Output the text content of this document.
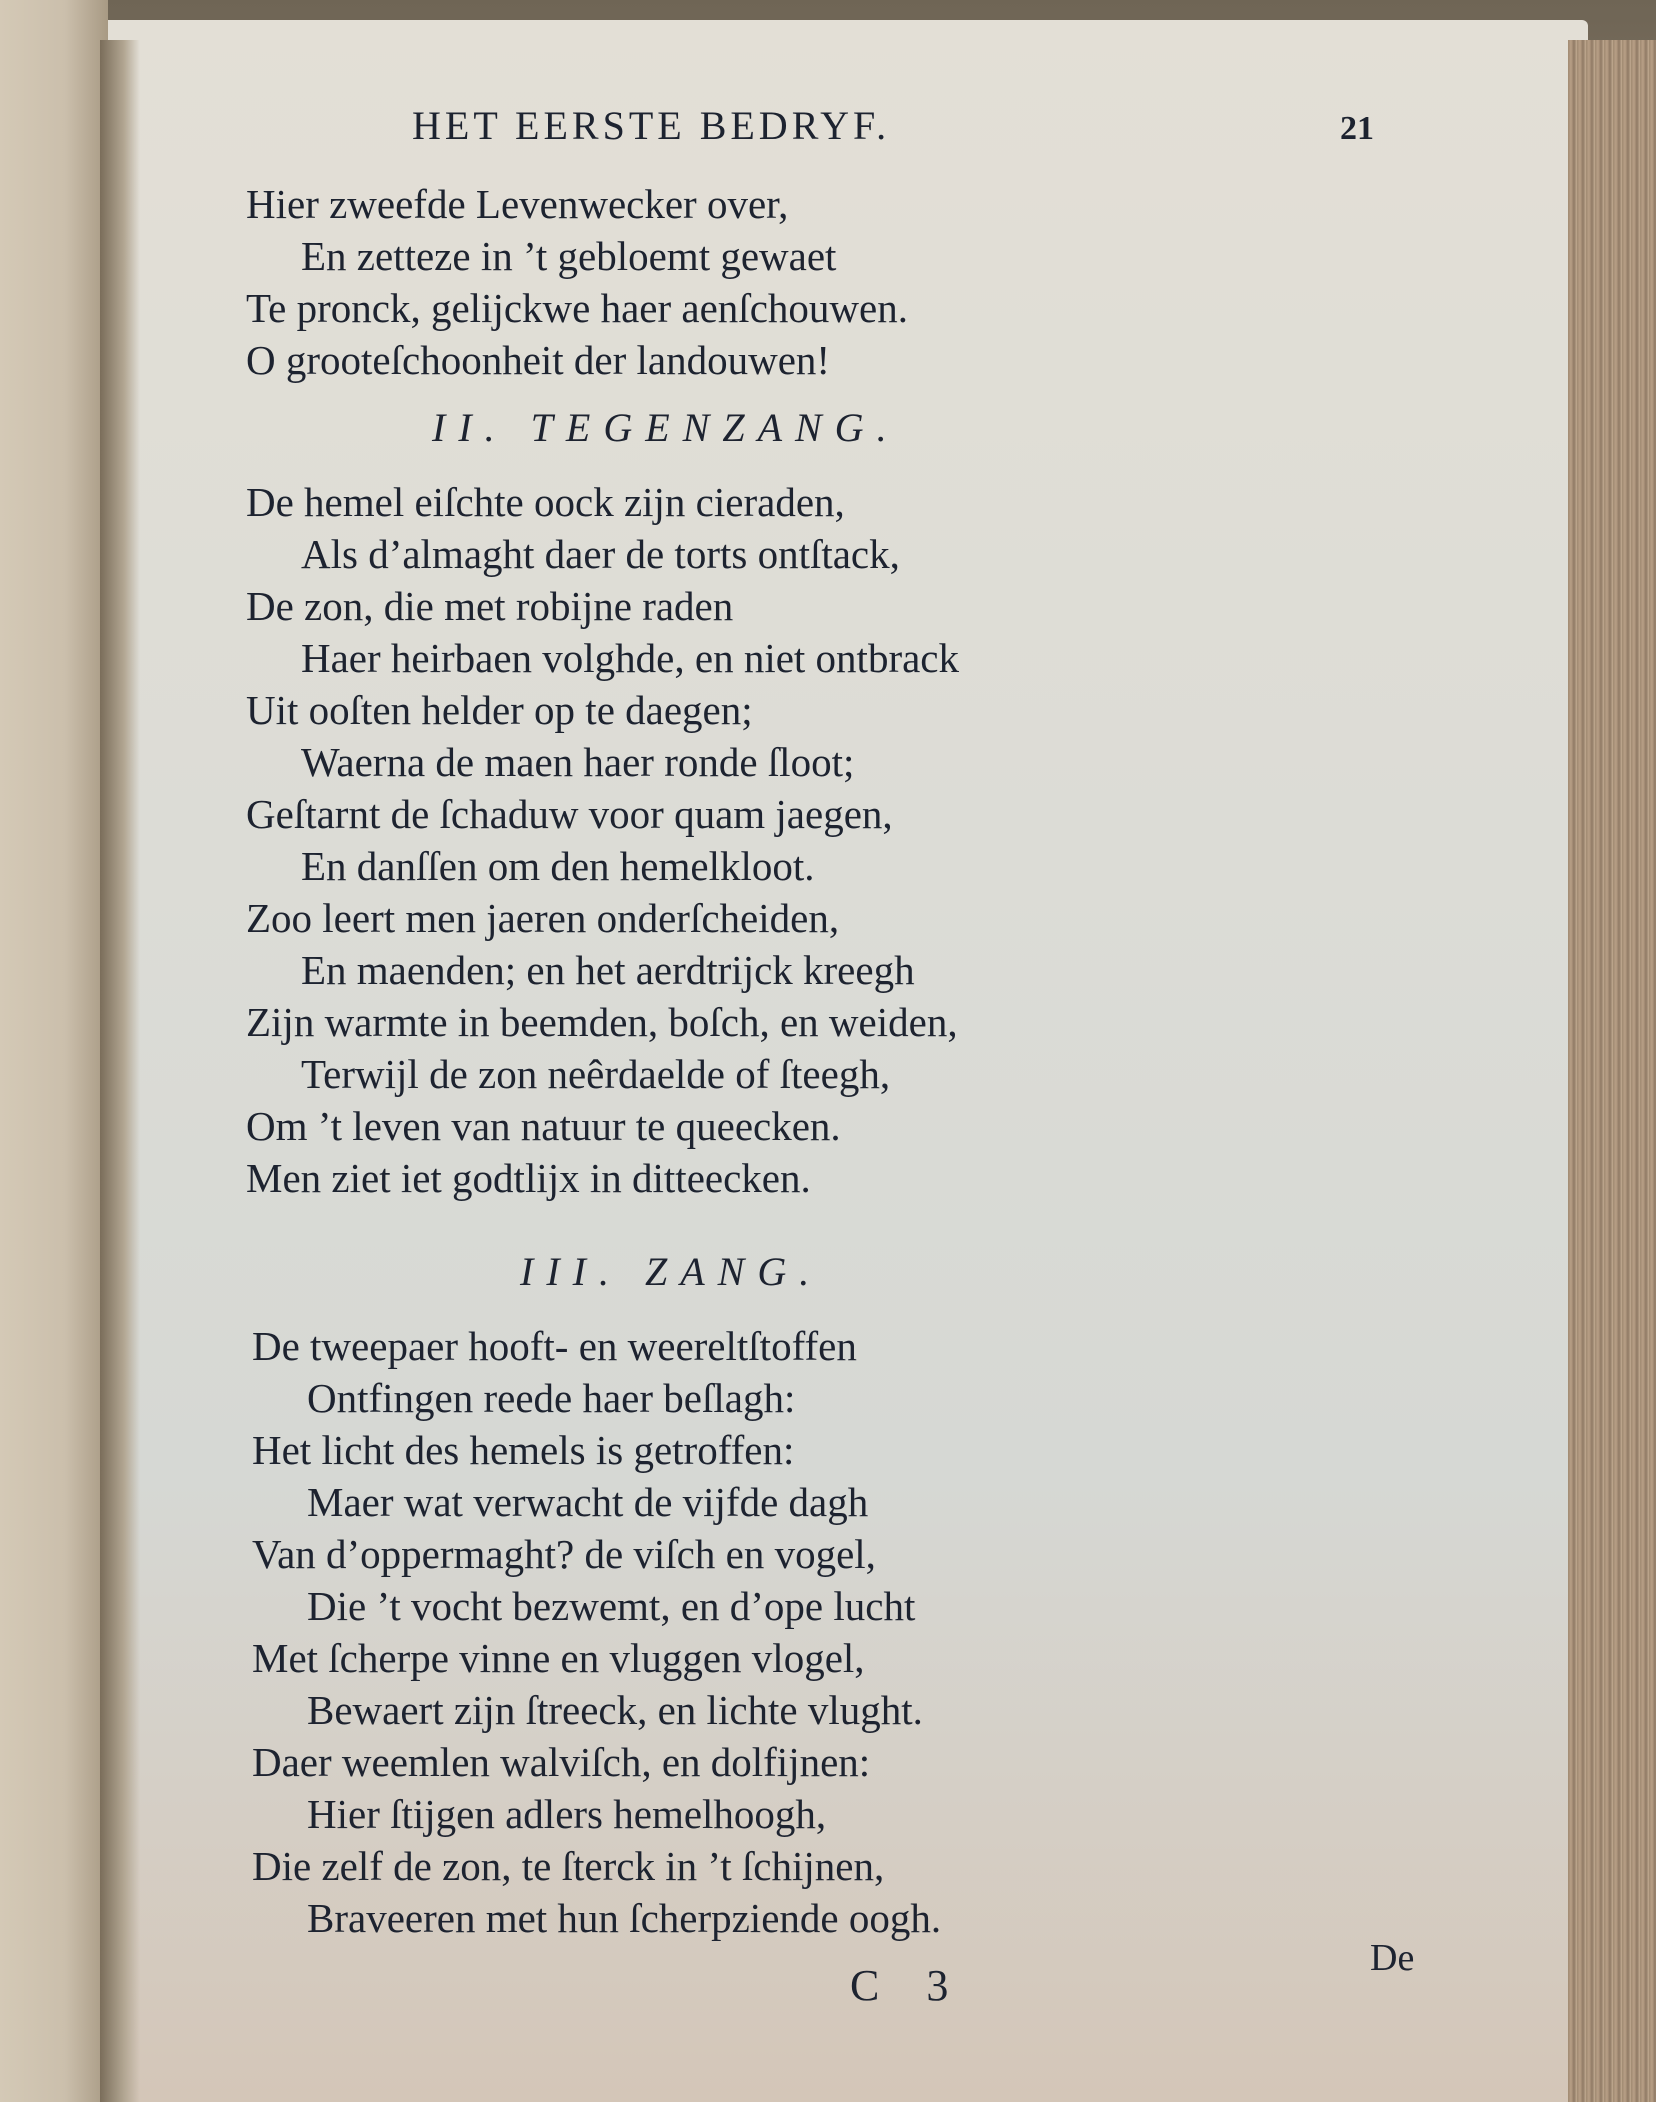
HET EERSTE BEDRYF.	21
Hier zweefde Levenwecker over,
En zetteze in ’t gebloemt gewaet
Te pronck, gelijckwe haer aenſchouwen.
O grooteſchoonheit der landouwen!
II. TEGENZANG.
De hemel eiſchte oock zijn cieraden,
Als d’almaght daer de torts ontſtack,
De zon, die met robijne raden
Haer heirbaen volghde, en niet ontbrack
Uit ooſten helder op te daegen;
Waerna de maen haer ronde ſloot;
Geſtarnt de ſchaduw voor quam jaegen,
En danſſen om den hemelkloot.
Zoo leert men jaeren onderſcheiden,
En maenden; en het aerdtrijck kreegh
Zijn warmte in beemden, boſch, en weiden,
Terwijl de zon neêrdaelde of ſteegh,
Om ’t leven van natuur te queecken.
Men ziet iet godtlijx in ditteecken.
III. ZANG.
De tweepaer hooft- en weereltſtoffen
Ontfingen reede haer beſlagh:
Het licht des hemels is getroffen:
Maer wat verwacht de vijfde dagh
Van d’oppermaght? de viſch en vogel,
Die ’t vocht bezwemt, en d’ope lucht
Met ſcherpe vinne en vluggen vlogel,
Bewaert zijn ſtreeck, en lichte vlught.
Daer weemlen walviſch, en dolfijnen:
Hier ſtijgen adlers hemelhoogh,
Die zelf de zon, te ſterck in ’t ſchijnen,
Braveeren met hun ſcherpziende oogh.
C 3
De
